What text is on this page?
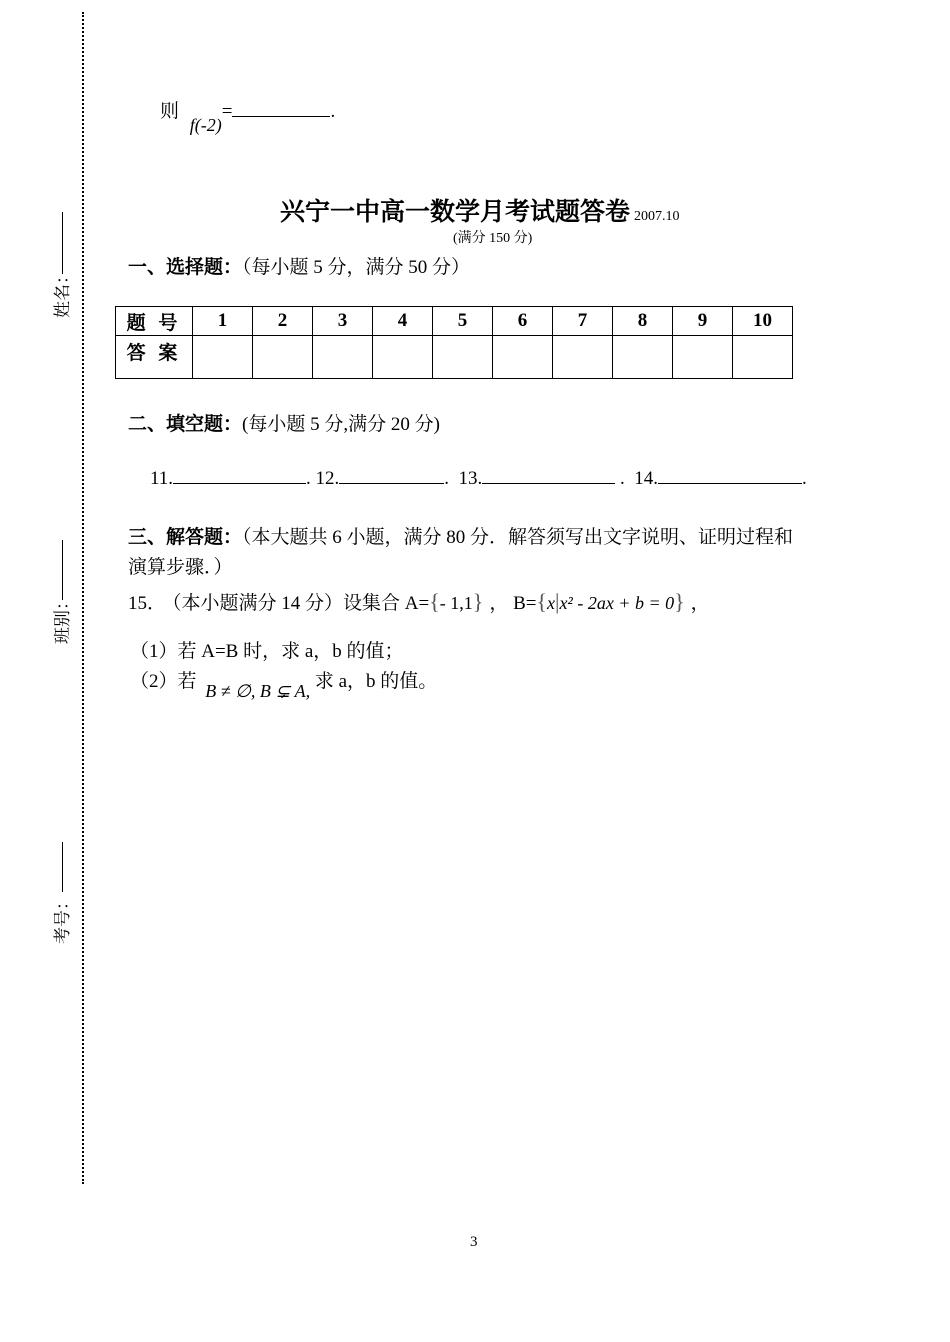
姓名：
班别：
考号：
则 f(-2)=	.
兴宁一中高一数学月考试题答卷 2007.10
(满分 150 分)
一、选择题：（每小题 5 分，满分 50 分）
题 号	1	2	3	4	5	6	7	8	9	10
答 案										
二、填空题：(每小题 5 分,满分 20 分)
11.	. 12.	.  13.	.  14.	.
三、解答题：（本大题共 6 小题，满分 80 分．解答须写出文字说明、证明过程和
演算步骤．）
15． （本小题满分 14 分）设集合 A={- 1,1} ， B={x|x² - 2ax + b = 0} ，
（1）若 A=B 时，求 a，b 的值；
（2）若 B ≠ ∅, B ⊊ A, 求 a，b 的值。
3
